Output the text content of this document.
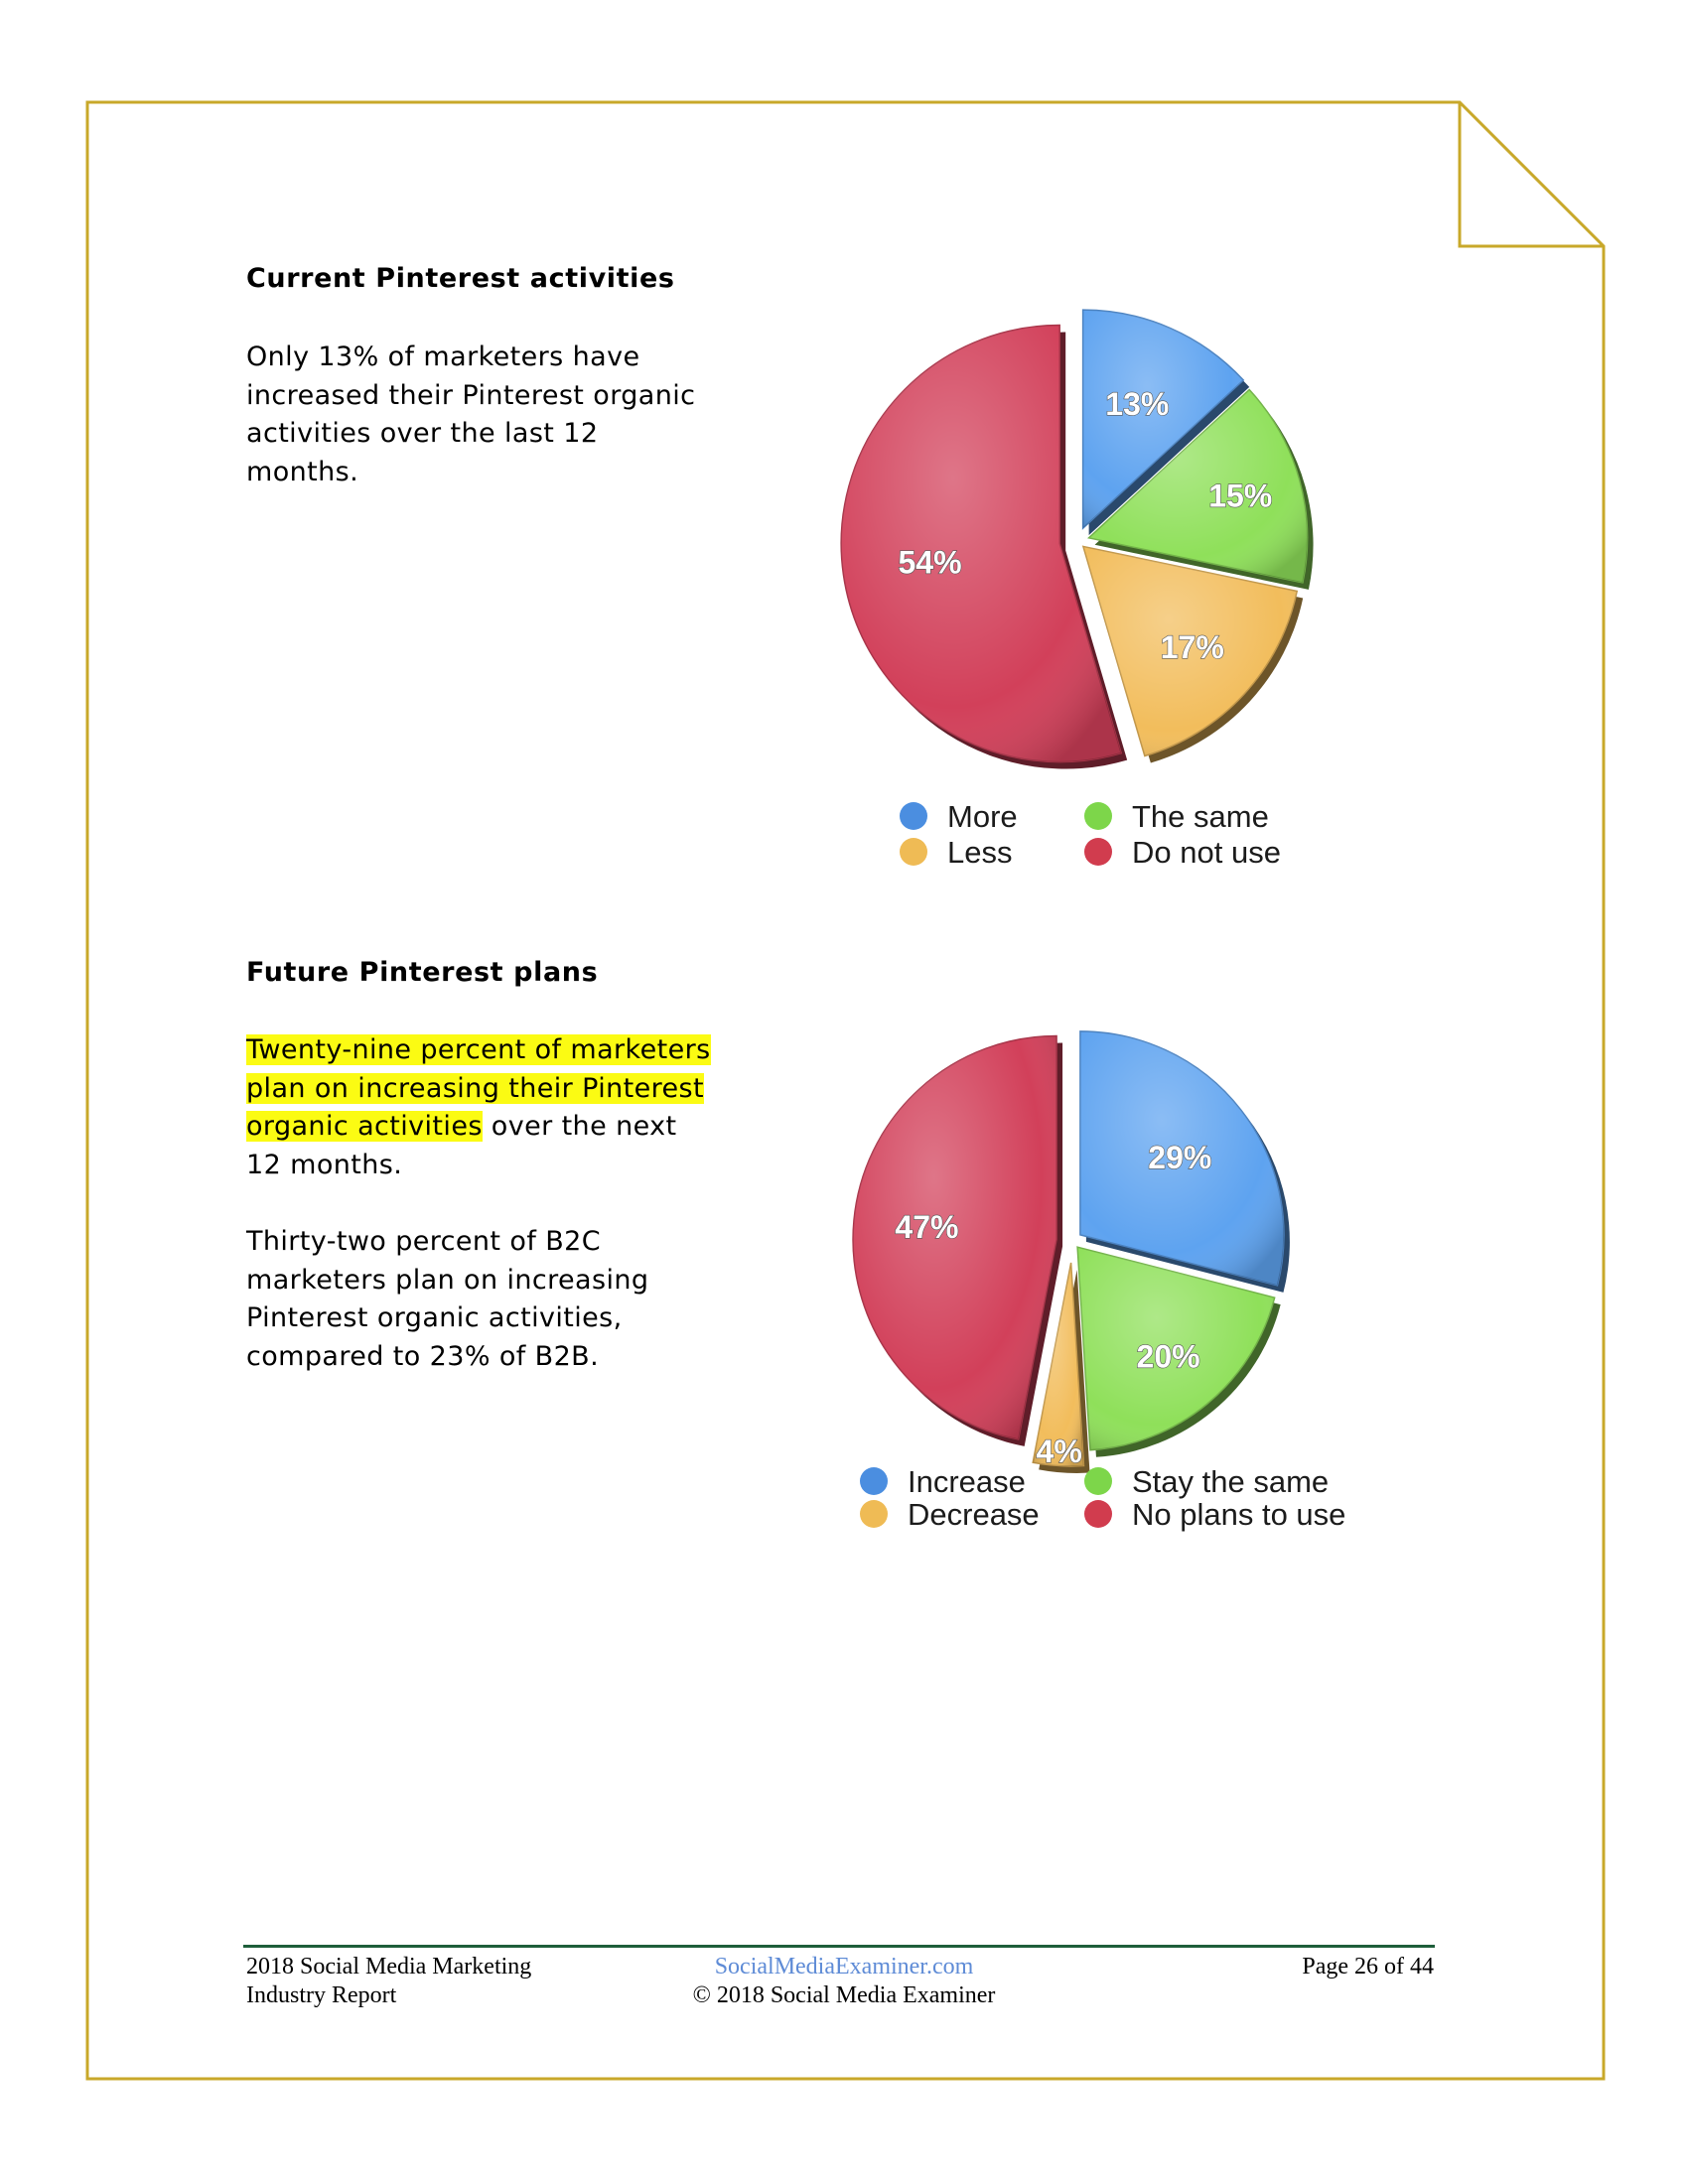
Current Pinterest activities

Only 13% of marketers have increased their Pinterest organic activities over the last 12 months.

Future Pinterest plans

Twenty-nine percent of marketers plan on increasing their Pinterest organic activities over the next 12 months.

Thirty-two percent of B2C marketers plan on increasing Pinterest organic activities, compared to 23% of B2B.

13%
15%
17%
54%
More	The same
Less	Do not use
29%
20%
4%
47%
Increase	Stay the same
Decrease	No plans to use
2018 Social Media Marketing
Industry Report
SocialMediaExaminer.com
© 2018 Social Media Examiner
Page 26 of 44
